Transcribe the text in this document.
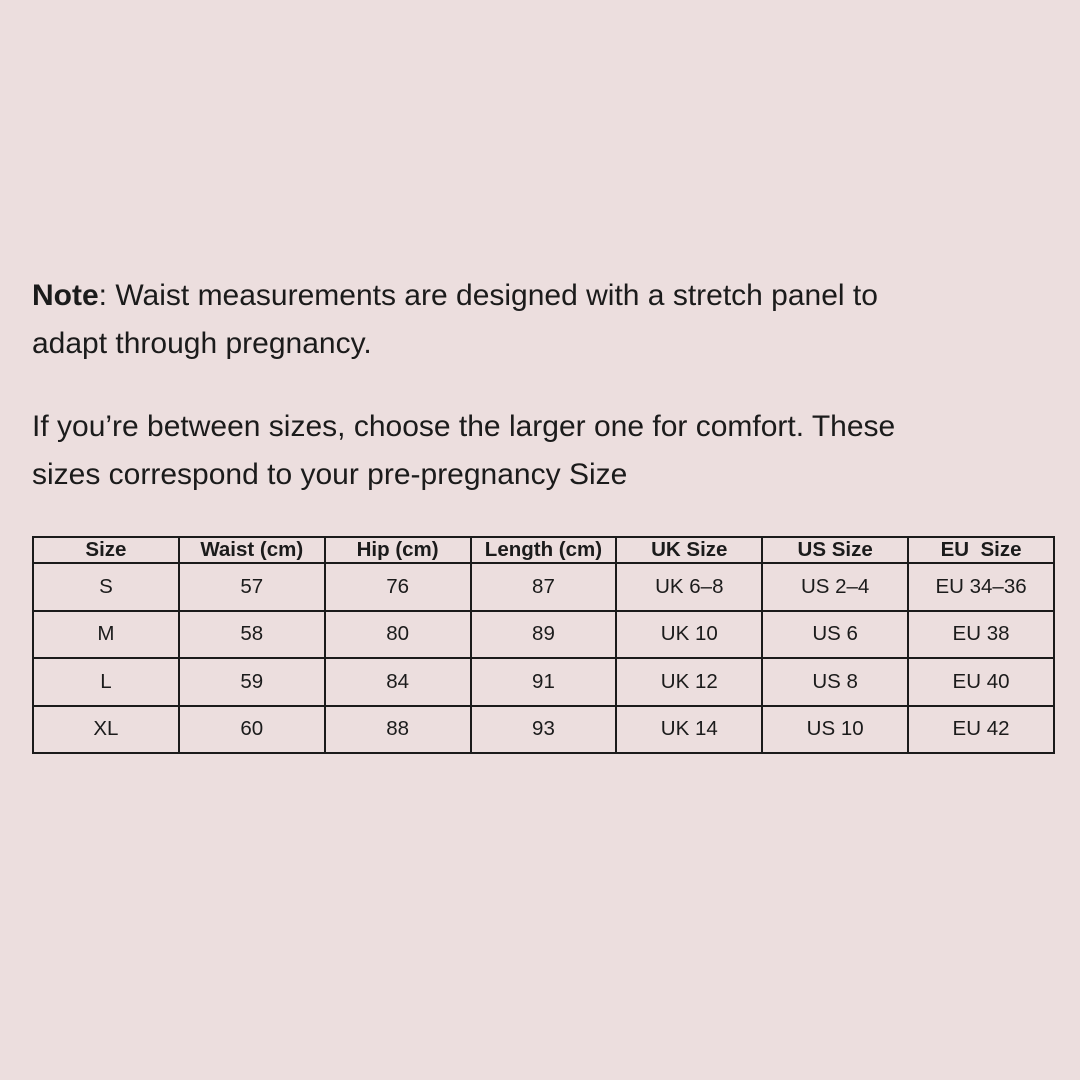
Note: Waist measurements are designed with a stretch panel to
adapt through pregnancy.

If you’re between sizes, choose the larger one for comfort. These
sizes correspond to your pre-pregnancy Size

Size	Waist (cm)	Hip (cm)	Length (cm)	UK Size	US Size	EU  Size
S	57	76	87	UK 6–8	US 2–4	EU 34–36
M	58	80	89	UK 10	US 6	EU 38
L	59	84	91	UK 12	US 8	EU 40
XL	60	88	93	UK 14	US 10	EU 42
